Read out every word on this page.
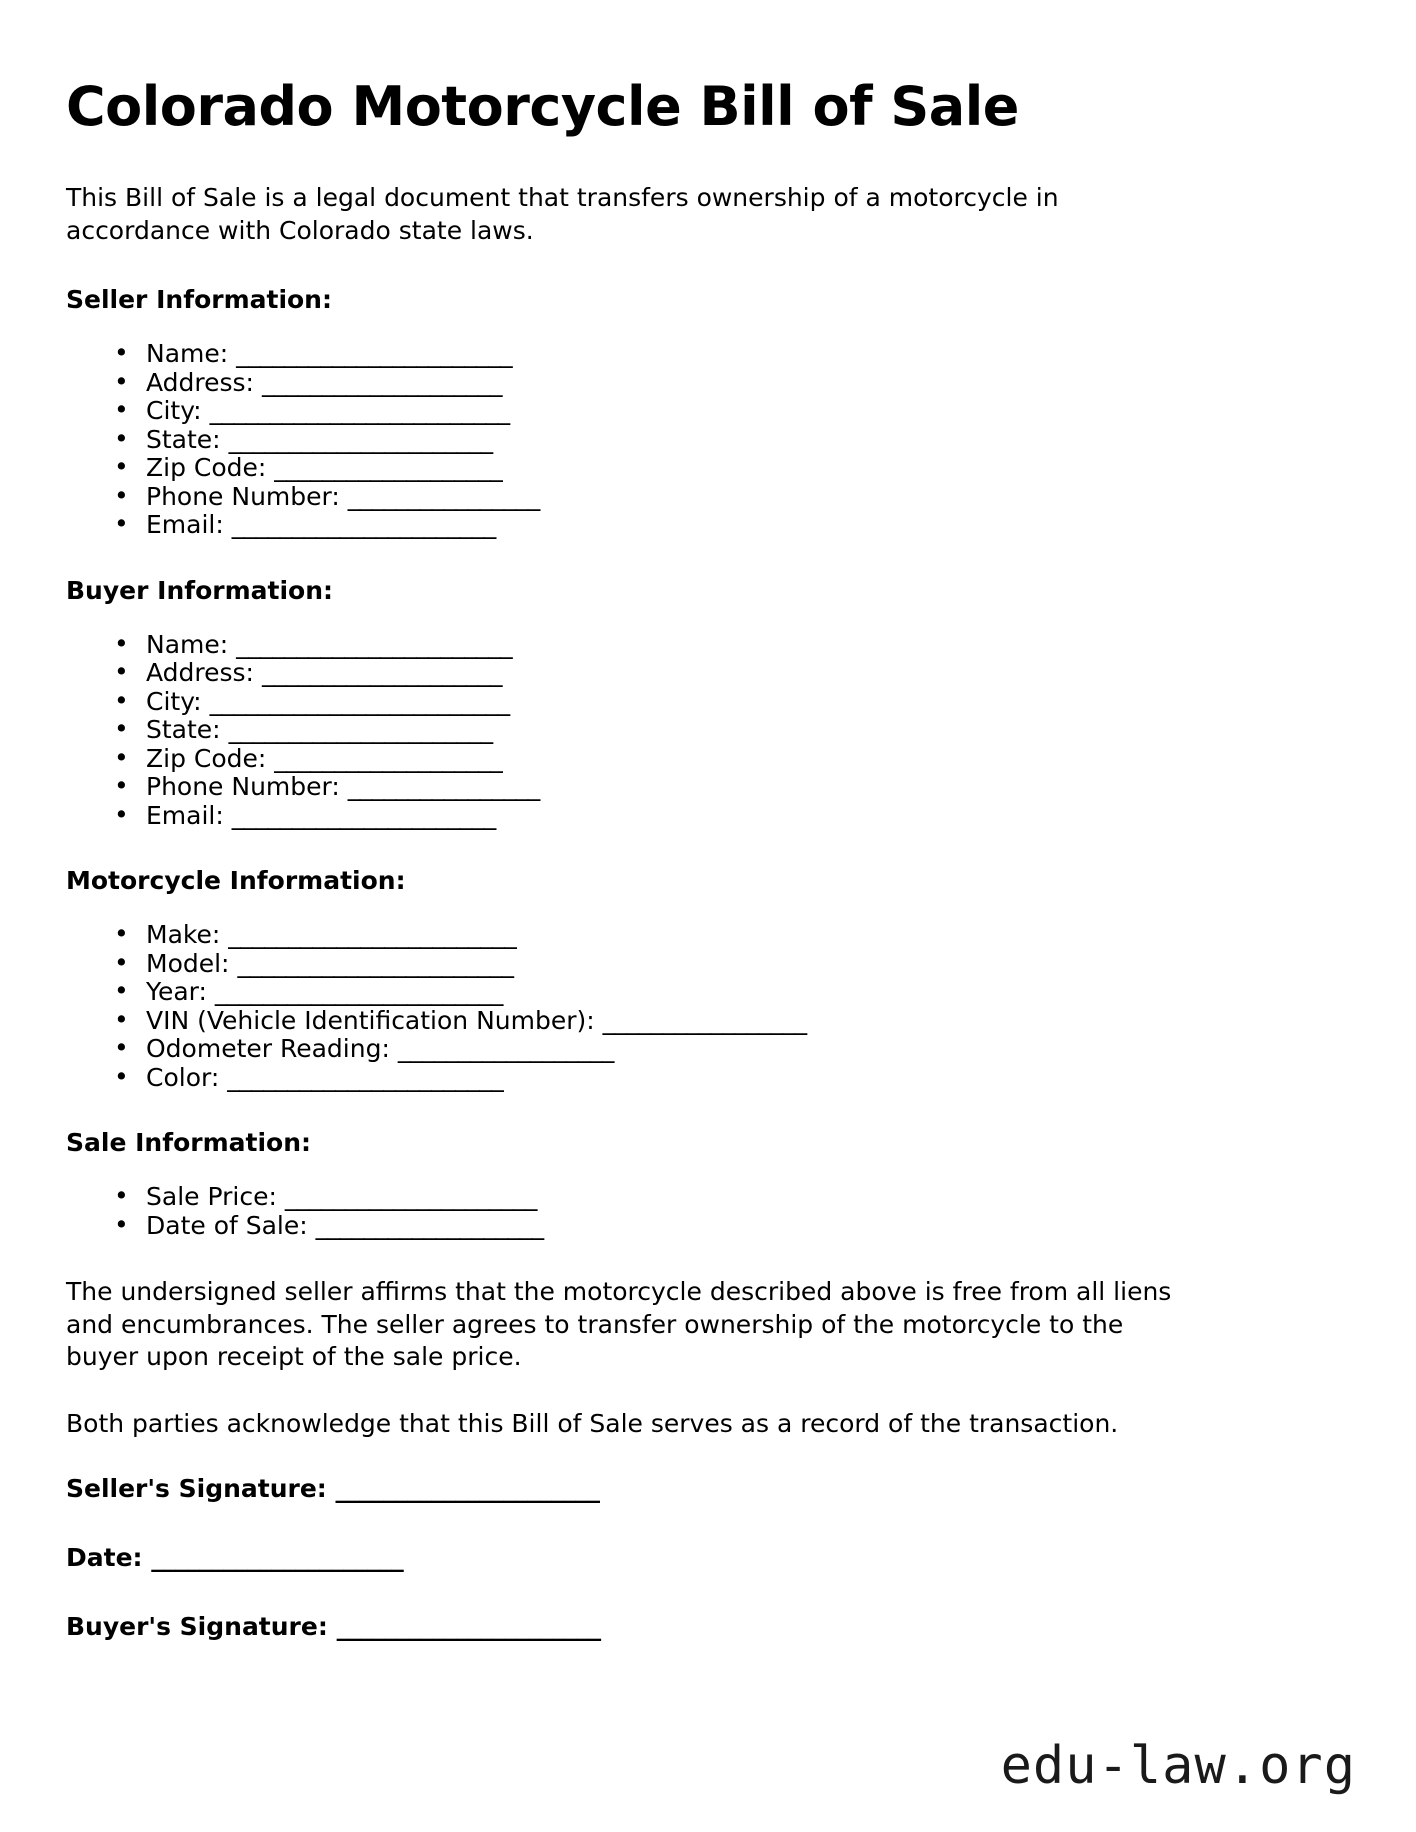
Colorado Motorcycle Bill of Sale

This Bill of Sale is a legal document that transfers ownership of a motorcycle in accordance with Colorado state laws.

Seller Information:
• Name: _______________________
• Address: ____________________
• City: _________________________
• State: ______________________
• Zip Code: ___________________
• Phone Number: ________________
• Email: ______________________
Buyer Information:
• Name: _______________________
• Address: ____________________
• City: _________________________
• State: ______________________
• Zip Code: ___________________
• Phone Number: ________________
• Email: ______________________
Motorcycle Information:
• Make: ________________________
• Model: _______________________
• Year: ________________________
• VIN (Vehicle Identification Number): _________________
• Odometer Reading: __________________
• Color: _______________________
Sale Information:
• Sale Price: _____________________
• Date of Sale: ___________________

The undersigned seller affirms that the motorcycle described above is free from all liens and encumbrances. The seller agrees to transfer ownership of the motorcycle to the buyer upon receipt of the sale price.

Both parties acknowledge that this Bill of Sale serves as a record of the transaction.

Seller's Signature: ______________________
Date: _____________________
Buyer's Signature: ______________________
edu-law.org
